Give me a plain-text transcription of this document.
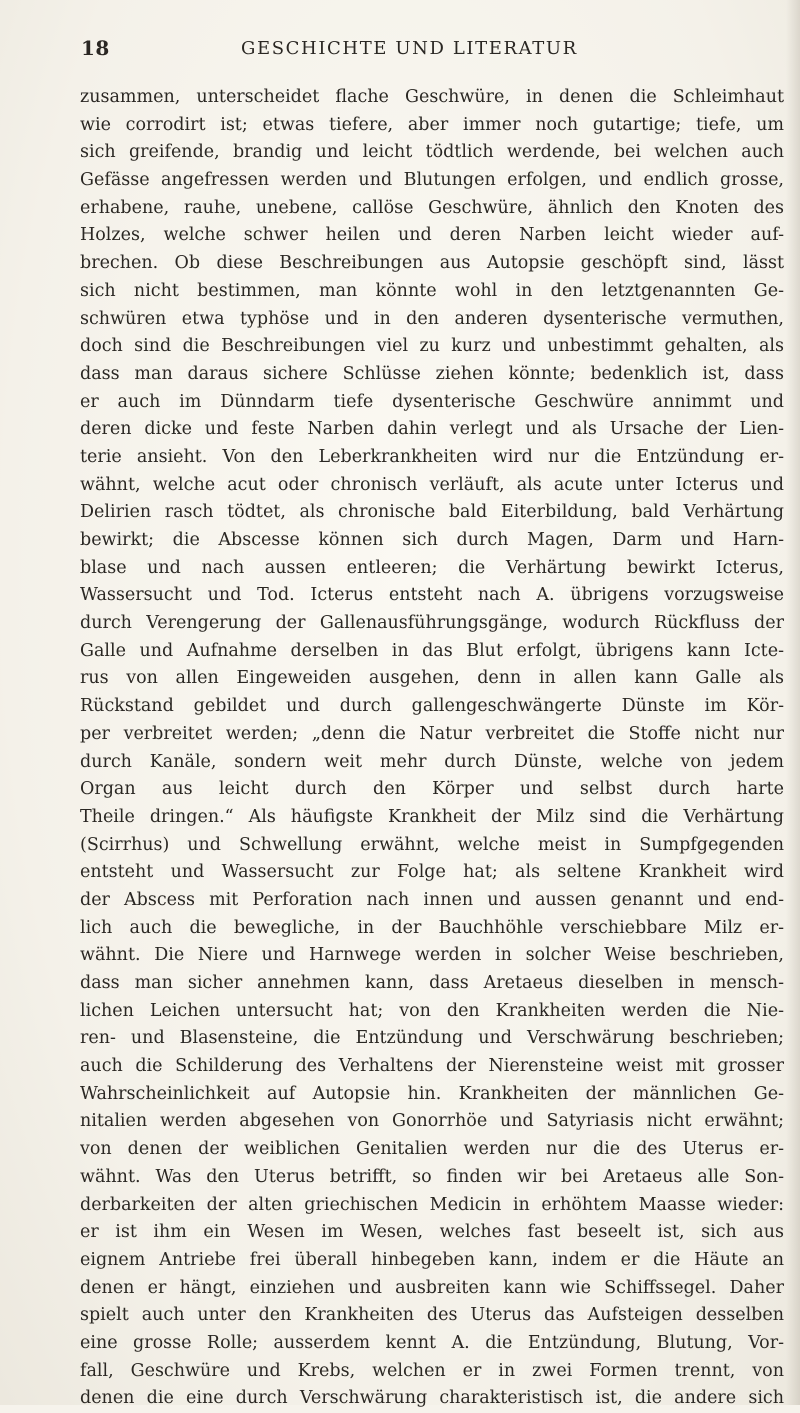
18	GESCHICHTE UND LITERATUR
zusammen, unterscheidet flache Geschwüre, in denen die Schleimhaut
wie corrodirt ist; etwas tiefere, aber immer noch gutartige; tiefe, um
sich greifende, brandig und leicht tödtlich werdende, bei welchen auch
Gefässe angefressen werden und Blutungen erfolgen, und endlich grosse,
erhabene, rauhe, unebene, callöse Geschwüre, ähnlich den Knoten des
Holzes, welche schwer heilen und deren Narben leicht wieder auf-
brechen. Ob diese Beschreibungen aus Autopsie geschöpft sind, lässt
sich nicht bestimmen, man könnte wohl in den letztgenannten Ge-
schwüren etwa typhöse und in den anderen dysenterische vermuthen,
doch sind die Beschreibungen viel zu kurz und unbestimmt gehalten, als
dass man daraus sichere Schlüsse ziehen könnte; bedenklich ist, dass
er auch im Dünndarm tiefe dysenterische Geschwüre annimmt und
deren dicke und feste Narben dahin verlegt und als Ursache der Lien-
terie ansieht. Von den Leberkrankheiten wird nur die Entzündung er-
wähnt, welche acut oder chronisch verläuft, als acute unter Icterus und
Delirien rasch tödtet, als chronische bald Eiterbildung, bald Verhärtung
bewirkt; die Abscesse können sich durch Magen, Darm und Harn-
blase und nach aussen entleeren; die Verhärtung bewirkt Icterus,
Wassersucht und Tod. Icterus entsteht nach A. übrigens vorzugsweise
durch Verengerung der Gallenausführungsgänge, wodurch Rückfluss der
Galle und Aufnahme derselben in das Blut erfolgt, übrigens kann Icte-
rus von allen Eingeweiden ausgehen, denn in allen kann Galle als
Rückstand gebildet und durch gallengeschwängerte Dünste im Kör-
per verbreitet werden; „denn die Natur verbreitet die Stoffe nicht nur
durch Kanäle, sondern weit mehr durch Dünste, welche von jedem
Organ aus leicht durch den Körper und selbst durch harte
Theile dringen.“ Als häufigste Krankheit der Milz sind die Verhärtung
(Scirrhus) und Schwellung erwähnt, welche meist in Sumpfgegenden
entsteht und Wassersucht zur Folge hat; als seltene Krankheit wird
der Abscess mit Perforation nach innen und aussen genannt und end-
lich auch die bewegliche, in der Bauchhöhle verschiebbare Milz er-
wähnt. Die Niere und Harnwege werden in solcher Weise beschrieben,
dass man sicher annehmen kann, dass Aretaeus dieselben in mensch-
lichen Leichen untersucht hat; von den Krankheiten werden die Nie-
ren- und Blasensteine, die Entzündung und Verschwärung beschrieben;
auch die Schilderung des Verhaltens der Nierensteine weist mit grosser
Wahrscheinlichkeit auf Autopsie hin. Krankheiten der männlichen Ge-
nitalien werden abgesehen von Gonorrhöe und Satyriasis nicht erwähnt;
von denen der weiblichen Genitalien werden nur die des Uterus er-
wähnt. Was den Uterus betrifft, so finden wir bei Aretaeus alle Son-
derbarkeiten der alten griechischen Medicin in erhöhtem Maasse wieder:
er ist ihm ein Wesen im Wesen, welches fast beseelt ist, sich aus
eignem Antriebe frei überall hinbegeben kann, indem er die Häute an
denen er hängt, einziehen und ausbreiten kann wie Schiffssegel. Daher
spielt auch unter den Krankheiten des Uterus das Aufsteigen desselben
eine grosse Rolle; ausserdem kennt A. die Entzündung, Blutung, Vor-
fall, Geschwüre und Krebs, welchen er in zwei Formen trennt, von
denen die eine durch Verschwärung charakteristisch ist, die andere sich
